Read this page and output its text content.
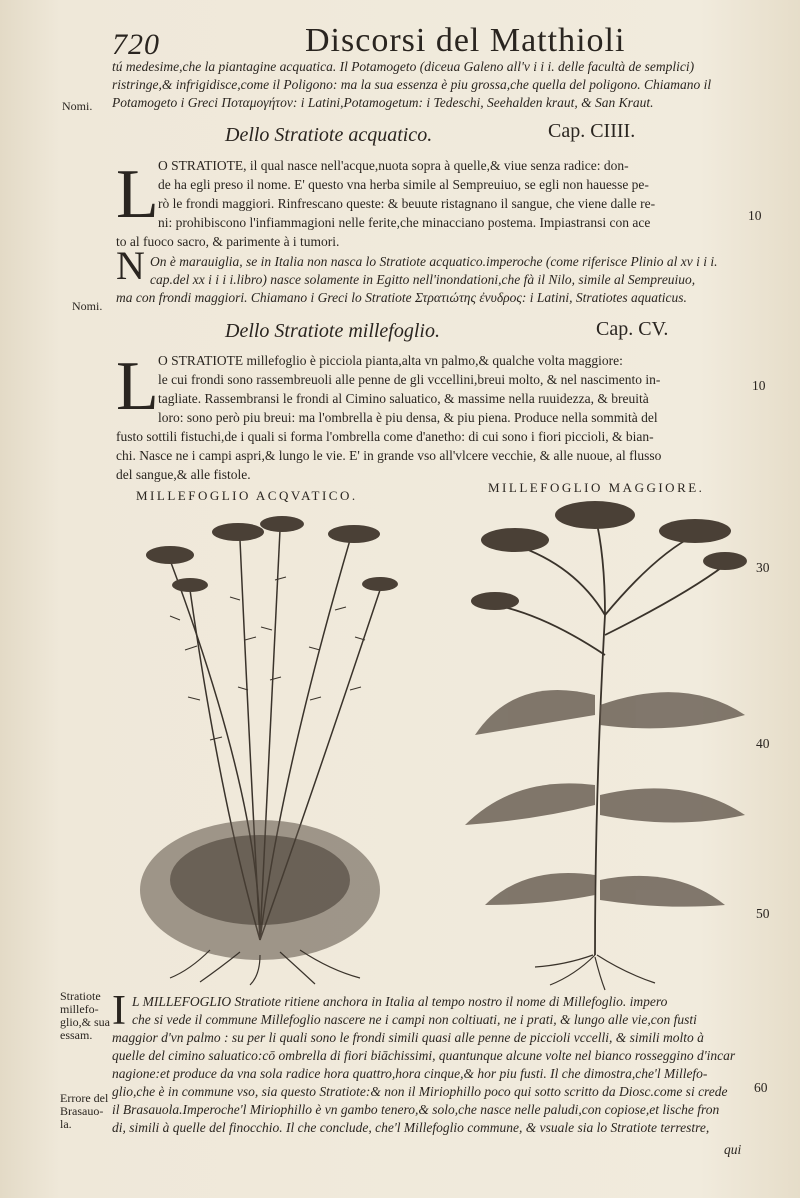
720	Discorsi del Matthioli
tú medesime,che la piantagine acquatica. Il Potamogeto (diceua Galeno all'v i i i. delle facultà de semplici)
ristringe,& infrigidisce,come il Poligono: ma la sua essenza è piu grossa,che quella del poligono. Chiamano il
Potamogeto i Greci Ποταμογήτον: i Latini,Potamogetum: i Tedeschi, Seehalden kraut, & San Kraut.
Nomi.
Dello Stratiote acquatico.	Cap. CIIII.
L O STRATIOTE, il qual nasce nell'acque,nuota sopra à quelle,& viue senza radice: don-
de ha egli preso il nome. E' questo vna herba simile al Sempreuiuo, se egli non hauesse pe-
rò le frondi maggiori. Rinfrescano queste: & beuute ristagnano il sangue, che viene dalle re-
ni: prohibiscono l'infiammagioni nelle ferite,che minacciano postema. Impiastransi con ace
to al fuoco sacro, & parimente à i tumori.
10
N On è marauiglia, se in Italia non nasca lo Stratiote acquatico.imperoche (come riferisce Plinio al xv i i i.
cap.del xx i i i i.libro) nasce solamente in Egitto nell'inondationi,che fà il Nilo, simile al Sempreuiuo,
ma con frondi maggiori. Chiamano i Greci lo Stratiote Στρατιώτης ἐνυδρος: i Latini, Stratiotes aquaticus.
Nomi.
Dello Stratiote millefoglio.	Cap. CV.
L O STRATIOTE millefoglio è picciola pianta,alta vn palmo,& qualche volta maggiore:
le cui frondi sono rassembreuoli alle penne de gli vccellini,breui molto, & nel nascimento in-
tagliate. Rassembransi le frondi al Cimino saluatico, & massime nella ruuidezza, & breuità
loro: sono però piu breui: ma l'ombrella è piu densa, & piu piena. Produce nella sommità del
fusto sottili fistuchi,de i quali si forma l'ombrella come d'anetho: di cui sono i fiori piccioli, & bian-
chi. Nasce ne i campi aspri,& lungo le vie. E' in grande vso all'vlcere vecchie, & alle nuoue, al flusso
del sangue,& alle fistole.
10
MILLEFOGLIO ACQVATICO.
MILLEFOGLIO MAGGIORE.
30
40
50
Stratiote
millefo-
glio,& sua
essam.
Errore del
Brasauo-
la.
60
I L MILLEFOGLIO Stratiote ritiene anchora in Italia al tempo nostro il nome di Millefoglio. impero
che si vede il commune Millefoglio nascere ne i campi non coltiuati, ne i prati, & lungo alle vie,con fusti
maggior d'vn palmo : su per li quali sono le frondi simili quasi alle penne de piccioli vccelli, & simili molto à
quelle del cimino saluatico:cō ombrella di fiori biāchissimi, quantunque alcune volte nel bianco rosseggino d'incar
nagione:et produce da vna sola radice hora quattro,hora cinque,& hor piu fusti. Il che dimostra,che'l Millefo-
glio,che è in commune vso, sia questo Stratiote:& non il Miriophillo poco qui sotto scritto da Diosc.come si crede
il Brasauola.Imperoche'l Miriophillo è vn gambo tenero,& solo,che nasce nelle paludi,con copiose,et lische fron
di, simili à quelle del finocchio. Il che conclude, che'l Millefoglio commune, & vsuale sia lo Stratiote terrestre,
qui
